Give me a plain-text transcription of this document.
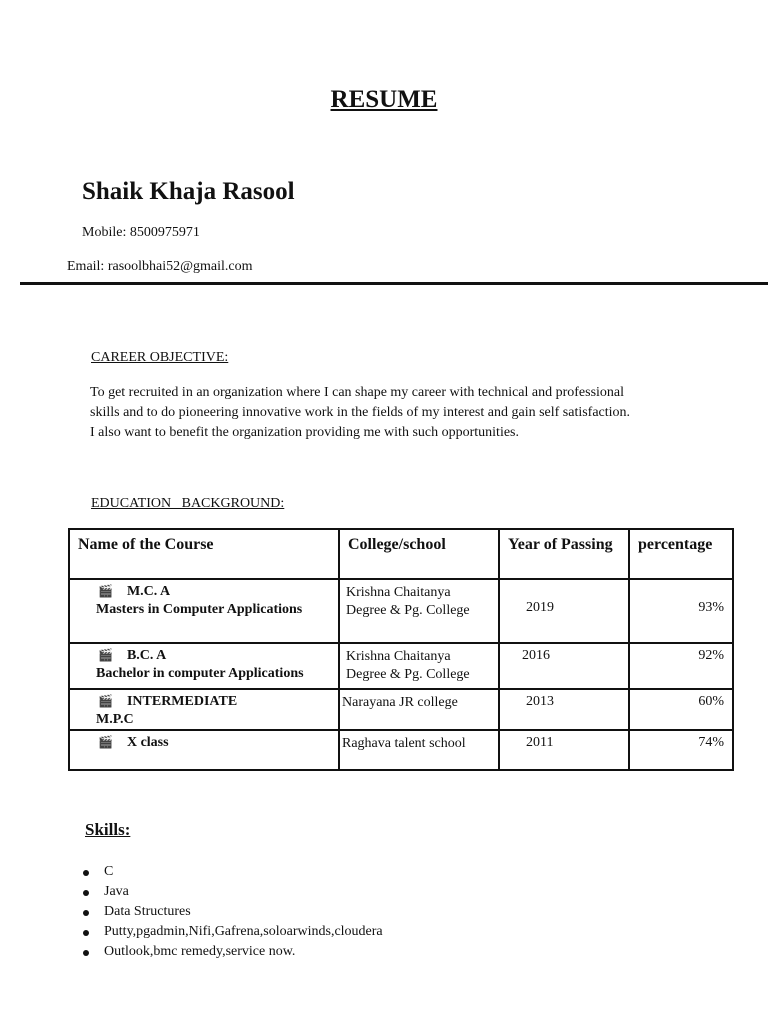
RESUME
Shaik Khaja Rasool
Mobile: 8500975971
Email: rasoolbhai52@gmail.com
CAREER OBJECTIVE:
To get recruited in an organization where I can shape my career with technical and professional
skills and to do pioneering innovative work in the fields of my interest and gain self satisfaction.
I also want to benefit the organization providing me with such opportunities.
EDUCATION   BACKGROUND:
Name of the Course	College/school	Year of Passing	percentage

🎬 M.C. A
Masters in Computer Applications	Krishna Chaitanya Degree & Pg. College	2019	93%

🎬 B.C. A
Bachelor in computer Applications	Krishna Chaitanya Degree & Pg. College	2016	92%

🎬 INTERMEDIATE
M.P.C	Narayana JR college	2013	60%

🎬 X class	Raghava talent school	2011	74%
Skills:
C
Java
Data Structures
Putty,pgadmin,Nifi,Gafrena,soloarwinds,cloudera
Outlook,bmc remedy,service now.
